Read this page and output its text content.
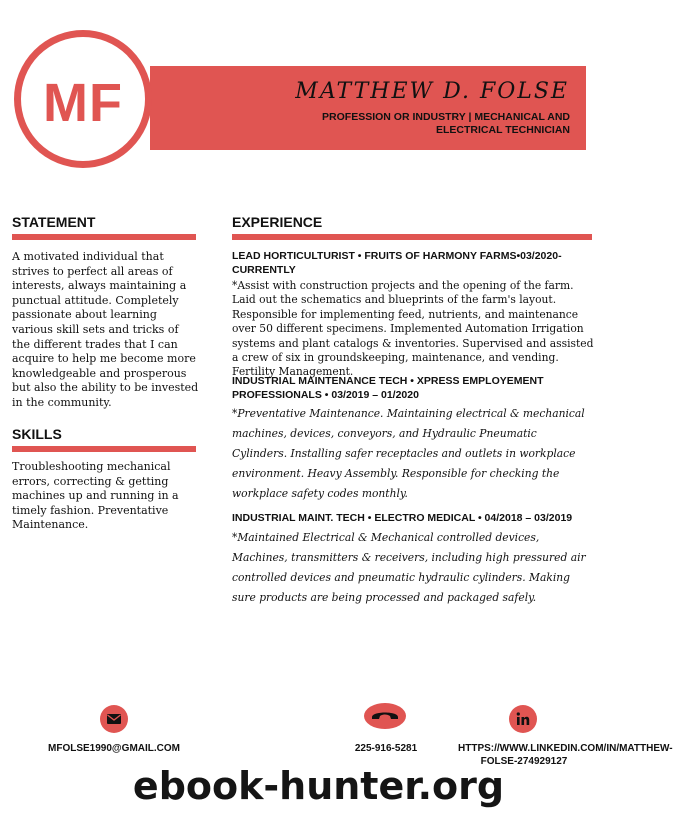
MF	MATTHEW D. FOLSE
PROFESSION OR INDUSTRY | MECHANICAL AND ELECTRICAL TECHNICIAN
STATEMENT
A motivated individual that strives to perfect all areas of interests, always maintaining a punctual attitude. Completely passionate about learning various skill sets and tricks of the different trades that I can acquire to help me become more knowledgeable and prosperous but also the ability to be invested in the community.
SKILLS
Troubleshooting mechanical errors, correcting & getting machines up and running in a timely fashion. Preventative Maintenance.
EXPERIENCE
LEAD HORTICULTURIST • FRUITS OF HARMONY FARMS•03/2020-CURRENTLY
*Assist with construction projects and the opening of the farm. Laid out the schematics and blueprints of the farm's layout. Responsible for implementing feed, nutrients, and maintenance over 50 different specimens. Implemented Automation Irrigation systems and plant catalogs & inventories. Supervised and assisted a crew of six in groundskeeping, maintenance, and vending. Fertility Management.
INDUSTRIAL MAINTENANCE TECH • XPRESS EMPLOYEMENT PROFESSIONALS • 03/2019 – 01/2020
*Preventative Maintenance. Maintaining electrical & mechanical machines, devices, conveyors, and Hydraulic Pneumatic Cylinders. Installing safer receptacles and outlets in workplace environment. Heavy Assembly. Responsible for checking the workplace safety codes monthly.
INDUSTRIAL MAINT. TECH • ELECTRO MEDICAL • 04/2018 – 03/2019
*Maintained Electrical & Mechanical controlled devices, Machines, transmitters & receivers, including high pressured air controlled devices and pneumatic hydraulic cylinders. Making sure products are being processed and packaged safely.
MFOLSE1990@GMAIL.COM	225-916-5281	HTTPS://WWW.LINKEDIN.COM/IN/MATTHEW-FOLSE-274929127
ebook-hunter.org
